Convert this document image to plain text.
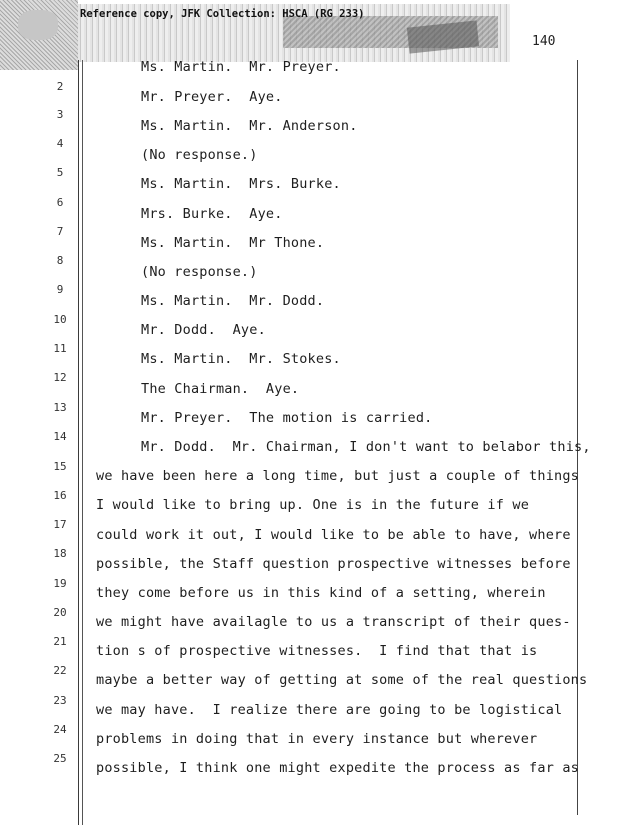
Reference copy, JFK Collection: HSCA (RG 233)
140
2
3
4
5
6
7
8
9
10
11
12
13
14
15
16
17
18
19
20
21
22
23
24
25
Ms. Martin.  Mr. Preyer.
Mr. Preyer.  Aye.
Ms. Martin.  Mr. Anderson.
(No response.)
Ms. Martin.  Mrs. Burke.
Mrs. Burke.  Aye.
Ms. Martin.  Mr Thone.
(No response.)
Ms. Martin.  Mr. Dodd.
Mr. Dodd.  Aye.
Ms. Martin.  Mr. Stokes.
The Chairman.  Aye.
Mr. Preyer.  The motion is carried.
Mr. Dodd.  Mr. Chairman, I don't want to belabor this,
we have been here a long time, but just a couple of things
I would like to bring up. One is in the future if we
could work it out, I would like to be able to have, where
possible, the Staff question prospective witnesses before
they come before us in this kind of a setting, wherein
we might have availagle to us a transcript of their ques-
tion s of prospective witnesses.  I find that that is
maybe a better way of getting at some of the real questions
we may have.  I realize there are going to be logistical
problems in doing that in every instance but wherever
possible, I think one might expedite the process as far as
